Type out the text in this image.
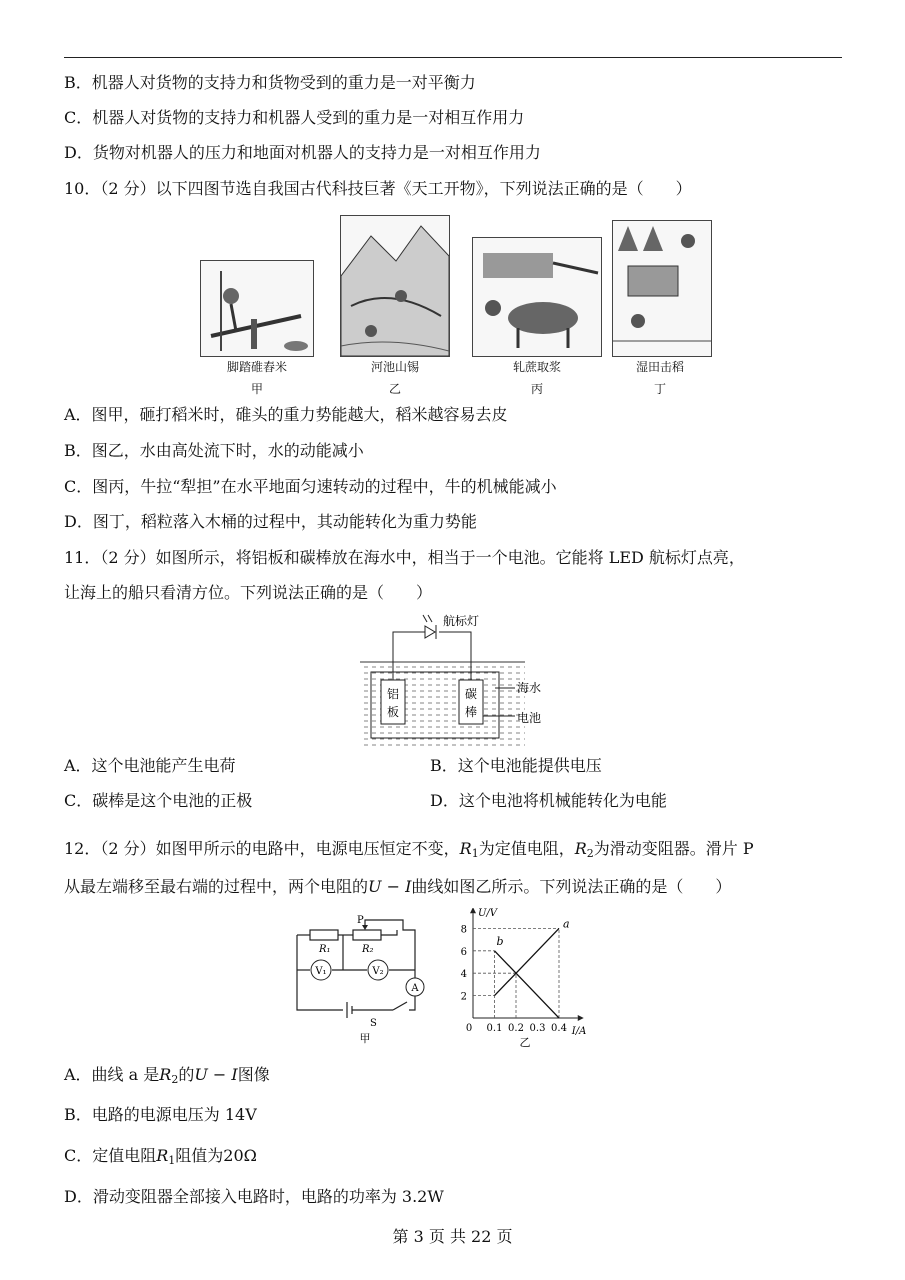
B．机器人对货物的支持力和货物受到的重力是一对平衡力
C．机器人对货物的支持力和机器人受到的重力是一对相互作用力
D．货物对机器人的压力和地面对机器人的支持力是一对相互作用力
10．（2 分）以下四图节选自我国古代科技巨著《天工开物》，下列说法正确的是（　　）
脚踏碓舂米
甲
河池山锡
乙
轧蔗取浆
丙
湿田击稻
丁
A．图甲，砸打稻米时，碓头的重力势能越大，稻米越容易去皮
B．图乙，水由高处流下时，水的动能减小
C．图丙，牛拉“犁担”在水平地面匀速转动的过程中，牛的机械能减小
D．图丁，稻粒落入木桶的过程中，其动能转化为重力势能
11．（2 分）如图所示，将铝板和碳棒放在海水中，相当于一个电池。它能将 LED 航标灯点亮，
让海上的船只看清方位。下列说法正确的是（　　）
铝
板
碳
棒
航标灯
海水
电池
A．这个电池能产生电荷	B．这个电池能提供电压
C．碳棒是这个电池的正极	D．这个电池将机械能转化为电能
12．（2 分）如图甲所示的电路中，电源电压恒定不变，$R_1$为定值电阻，$R_2$为滑动变阻器。滑片 P
从最左端移至最右端的过程中，两个电阻的U − I曲线如图乙所示。下列说法正确的是（　　）
V₁	V₂
A
R₁	R₂
P
S
甲
U/V
I/A
0 0.1 0.2 0.3 0.4
2
4
6
8	a
b
乙
A．曲线 a 是$R_2$的U − I图像
B．电路的电源电压为 14V
C．定值电阻$R_1$阻值为20Ω
D．滑动变阻器全部接入电路时，电路的功率为 3.2W
第 3 页 共 22 页
